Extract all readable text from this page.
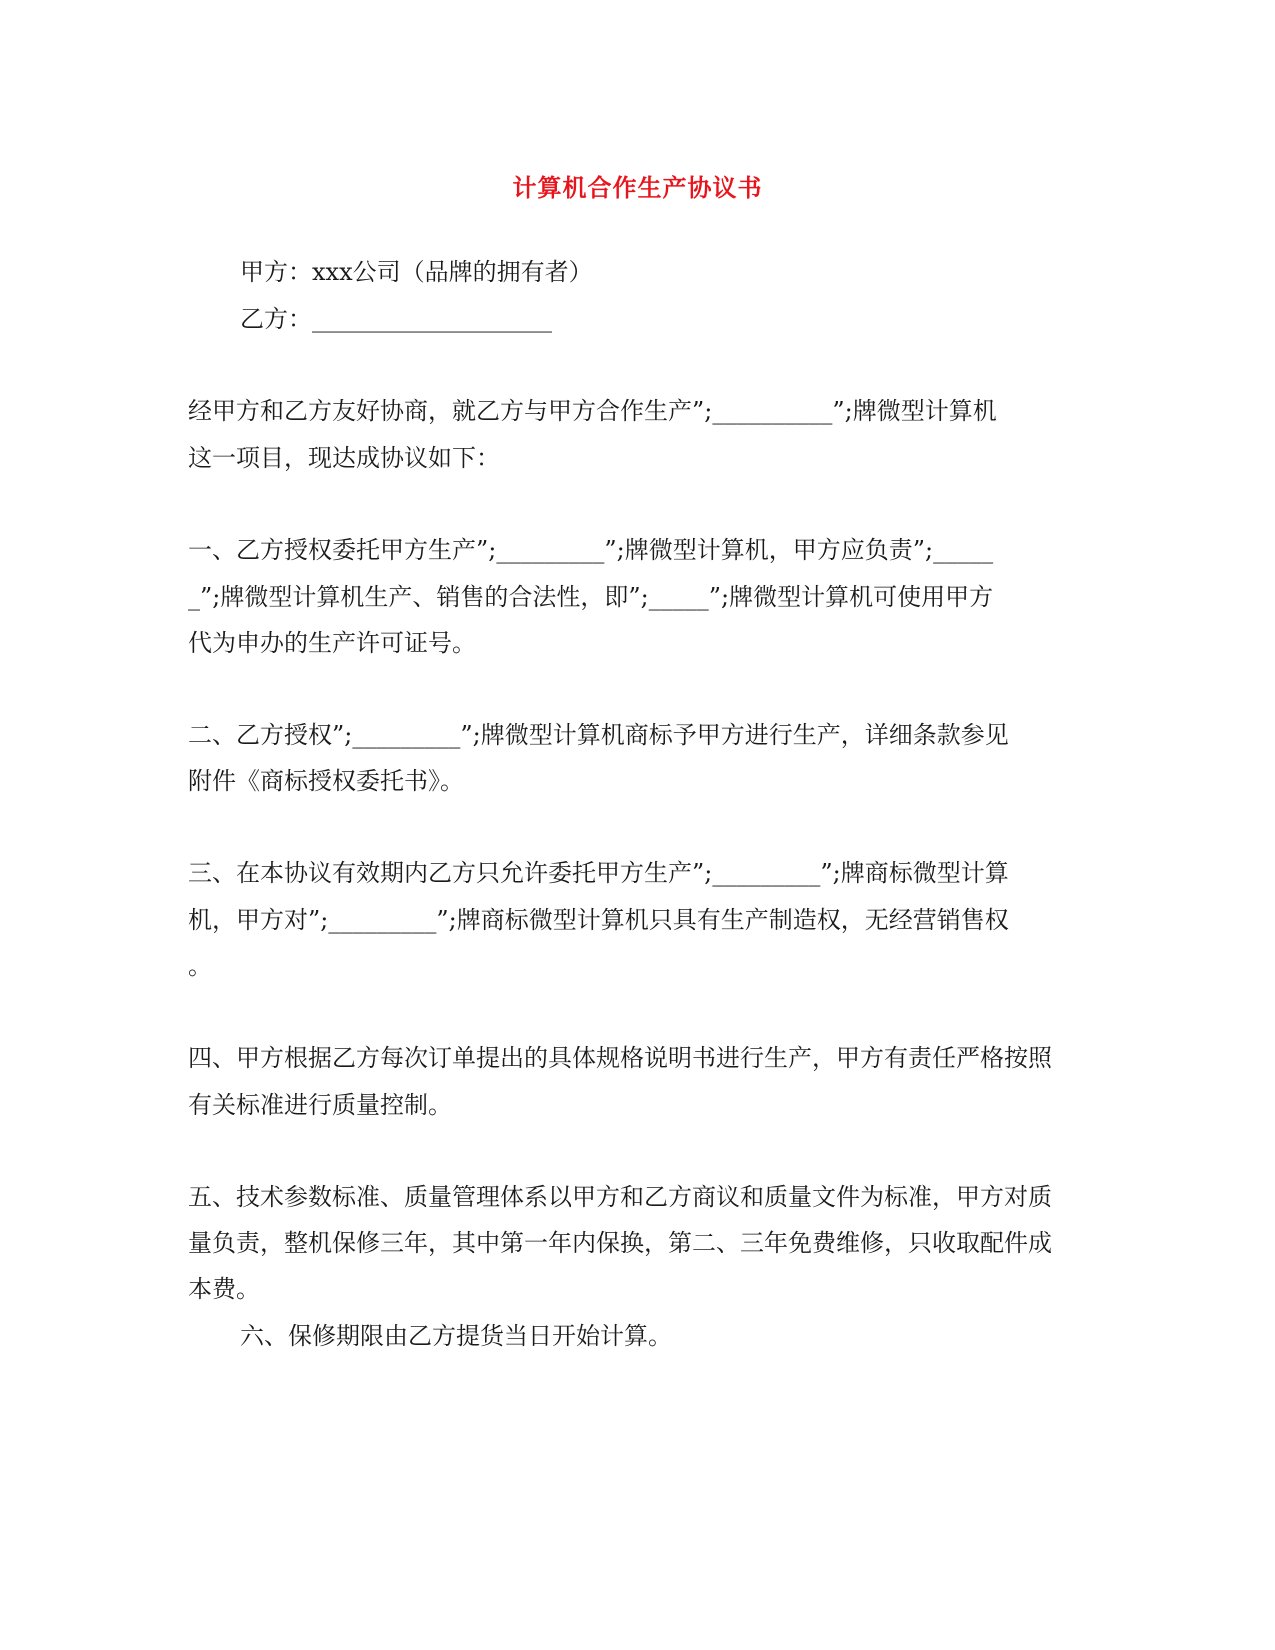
计算机合作生产协议书

甲方：xxx公司（品牌的拥有者）

乙方：____________________

经甲方和乙方友好协商，就乙方与甲方合作生产”;__________”;牌微型计算机

这一项目，现达成协议如下：

一、乙方授权委托甲方生产”;_________”;牌微型计算机，甲方应负责”;_____

_”;牌微型计算机生产、销售的合法性，即”;_____”;牌微型计算机可使用甲方

代为申办的生产许可证号。

二、乙方授权”;_________”;牌微型计算机商标予甲方进行生产，详细条款参见

附件《商标授权委托书》。

三、在本协议有效期内乙方只允许委托甲方生产”;_________”;牌商标微型计算

机，甲方对”;_________”;牌商标微型计算机只具有生产制造权，无经营销售权

。

四、甲方根据乙方每次订单提出的具体规格说明书进行生产，甲方有责任严格按照

有关标准进行质量控制。

五、技术参数标准、质量管理体系以甲方和乙方商议和质量文件为标准，甲方对质

量负责，整机保修三年，其中第一年内保换，第二、三年免费维修，只收取配件成

本费。

六、保修期限由乙方提货当日开始计算。
